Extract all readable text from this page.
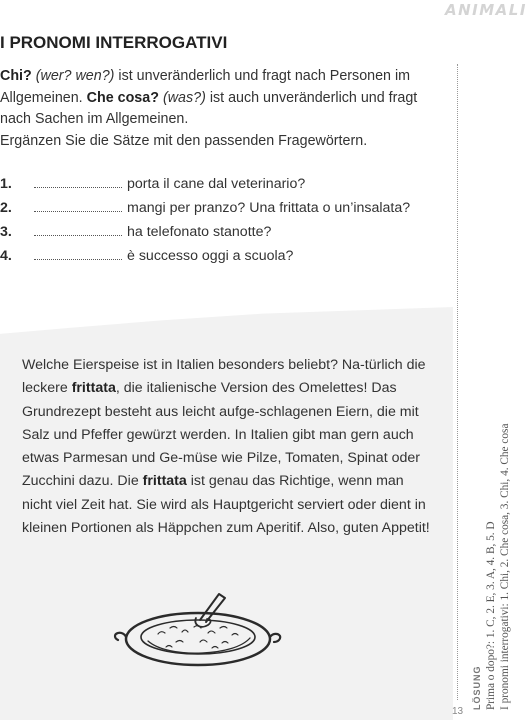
ANIMALI
I PRONOMI INTERROGATIVI

Chi? (wer? wen?) ist unveränderlich und fragt nach Personen im Allgemeinen. Che cosa? (was?) ist auch unveränderlich und fragt nach Sachen im Allgemeinen.

Ergänzen Sie die Sätze mit den passenden Fragewörtern.

1.	porta il cane dal veterinario?
2.	mangi per pranzo? Una frittata o un’insalata?
3.	ha telefonato stanotte?
4.	è successo oggi a scuola?

Welche Eierspeise ist in Italien besonders beliebt? Na-türlich die leckere frittata, die italienische Version des Omelettes! Das Grundrezept besteht aus leicht aufge-schlagenen Eiern, die mit Salz und Pfeffer gewürzt werden. In Italien gibt man gern auch etwas Parmesan und Ge-müse wie Pilze, Tomaten, Spinat oder Zucchini dazu. Die frittata ist genau das Richtige, wenn man nicht viel Zeit hat. Sie wird als Hauptgericht serviert oder dient in kleinen Portionen als Häppchen zum Aperitif. Also, guten Appetit!

LÖSUNG Prima o dopo?: 1. C, 2. E, 3. A, 4. B, 5. D I pronomi interrogativi: 1. Chi, 2. Che cosa, 3. Chi, 4. Che cosa
13
